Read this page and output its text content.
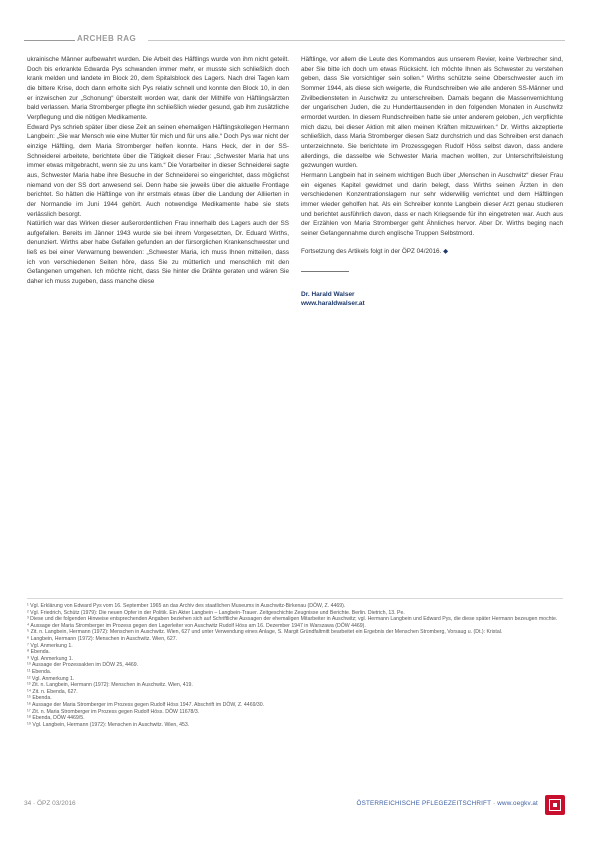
ARCHEB RAG

ukrainische Männer aufbewahrt wurden. Die Arbeit des Häftlings wurde von ihm nicht geteilt. Doch bis erkrankte Edwarda Pys schwanden immer mehr, er musste sich schließlich doch krank melden und landete im Block 20, dem Spitalsblock des Lagers. Nach drei Tagen kam die bittere Krise, doch dann erholte sich Pys relativ schnell und konnte den Block 10, in den er inzwischen zur „Schonung“ überstellt worden war, dank der Mithilfe von Häftlingsärzten bald verlassen. Maria Stromberger pflegte ihn schließlich wieder gesund, gab ihm zusätzliche Verpflegung und die nötigen Medikamente.

Edward Pys schrieb später über diese Zeit an seinen ehemaligen Häftlingskollegen Hermann Langbein: „Sie war Mensch wie eine Mutter für mich und für uns alle.“ Doch Pys war nicht der einzige Häftling, dem Maria Stromberger helfen konnte. Hans Heck, der in der SS-Schneiderei arbeitete, berichtete über die Tätigkeit dieser Frau: „Schwester Maria hat uns immer etwas mitgebracht, wenn sie zu uns kam.“ Die Vorarbeiter in dieser Schneiderei sagte aus, Schwester Maria habe ihre Besuche in der Schneiderei so eingerichtet, dass möglichst niemand von der SS dort anwesend sei. Denn habe sie jeweils über die aktuelle Frontlage berichtet. So hätten die Häftlinge von ihr erstmals etwas über die Landung der Alliierten in der Normandie im Juni 1944 gehört. Auch notwendige Medikamente habe sie stets verlässlich besorgt.

Natürlich war das Wirken dieser außerordentlichen Frau innerhalb des Lagers auch der SS aufgefallen. Bereits im Jänner 1943 wurde sie bei ihrem Vorgesetzten, Dr. Eduard Wirths, denunziert. Wirths aber habe Gefallen gefunden an der fürsorglichen Krankenschwester und ließ es bei einer Verwarnung bewenden: „Schwester Maria, ich muss Ihnen mitteilen, dass ich von verschiedenen Seiten höre, dass Sie zu mütterlich und menschlich mit den Gefangenen umgehen. Ich möchte nicht, dass Sie hinter die Drähte geraten und wären Sie daher ich muss zugeben, dass manche diese

Häftlinge, vor allem die Leute des Kommandos aus unserem Revier, keine Verbrecher sind, aber Sie bitte ich doch um etwas Rücksicht. Ich möchte Ihnen als Schwester zu verstehen geben, dass Sie vorsichtiger sein sollen.“ Wirths schützte seine Oberschwester auch im Sommer 1944, als diese sich weigerte, die Rundschreiben wie alle anderen SS-Männer und Zivilbediensteten in Auschwitz zu unterschreiben. Damals begann die Massenvernichtung der ungarischen Juden, die zu Hunderttausenden in den folgenden Monaten in Auschwitz ermordet wurden. In diesem Rundschreiben hatte sie unter anderem geloben, „ich verpflichte mich dazu, bei dieser Aktion mit allen meinen Kräften mitzuwirken.“ Dr. Wirths akzeptierte schließlich, dass Maria Stromberger diesen Satz durchstrich und das Schreiben erst danach unterzeichnete. Sie berichtete im Prozessgegen Rudolf Höss selbst davon, dass andere allerdings, die dasselbe wie Schwester Maria machen wollten, zur Unterschriftsleistung gezwungen wurden.

Hermann Langbein hat in seinem wichtigen Buch über „Menschen in Auschwitz“ dieser Frau ein eigenes Kapitel gewidmet und darin belegt, dass Wirths seinen Ärzten in den verschiedenen Konzentrationslagern nur sehr widerwillig verrichtet und dem Häftlingen immer wieder geholfen hat. Als ein Schreiber konnte Langbein dieser Arzt genau studieren und berichtet ausführlich davon, dass er nach Kriegsende für ihn eingetreten war. Auch aus der Erzählen von Maria Stromberger geht Ähnliches hervor. Aber Dr. Wirths beging nach seiner Gefangennahme durch englische Truppen Selbstmord.

Fortsetzung des Artikels folgt in der ÖPZ 04/2016. ◆

Dr. Harald Walser
www.haraldwalser.at
¹ Vgl. Erklärung von Edward Pys vom 16. September 1965 an das Archiv des staatlichen Museums in Auschwitz-Birkenau (DÖW, Z. 4469).
² Vgl. Friedrich, Schütz (1979): Die neuen Opfer in der Politik. Ein Akter Langbein – Langbein-Trauer. Zeitgeschichte Zeugnisse und Berichte. Berlin. Dietrich, 13. Pe.
³ Diese und die folgenden Hinweise entsprechenden Angaben beziehen sich auf Schriftliche Aussagen der ehemaligen Mitarbeiter in Auschwitz; vgl. Hermann Langbein und Edward Pys, die diese später Hermann bezeugen mochte.
⁴ Aussage der Maria Stromberger im Prozess gegen den Lagerleiter von Auschwitz Rudolf Höss am 16. Dezember 1947 in Warszawa (DÖW 4469).
⁵ Zit. n. Langbein, Hermann (1972): Menschen in Auschwitz. Wien, 627 und unter Verwendung eines Anlage, S. Margit Gründfaltmitt bearbeitet ein Ergebnis der Menschen Stromberg, Vorsaug u. (Dt.): Kristal.
⁶ Langbein, Hermann (1972): Menschen in Auschwitz. Wien, 627.
⁷ Vgl. Anmerkung 1.
⁸ Ebenda.
⁹ Vgl. Anmerkung 1.
¹⁰ Aussage der Prozessakten im DÖW 25, 4469.
¹¹ Ebenda.
¹² Vgl. Anmerkung 1.
¹³ Zit. n. Langbein, Hermann (1972): Menschen in Auschwitz. Wien, 419.
¹⁴ Zit. n. Ebenda, 627.
¹⁵ Ebenda.
¹⁶ Aussage der Maria Stromberger im Prozess gegen Rudolf Höss 1947. Abschrift im DÖW, Z. 4469/30.
¹⁷ Zit. n. Maria Stromberger im Prozess gegen Rudolf Höss. DÖW 11678/3.
¹⁸ Ebenda, DÖW 4469/5.
¹⁹ Vgl. Langbein, Hermann (1972): Menschen in Auschwitz. Wien, 453.
34 · ÖPZ 03/2016	ÖSTERREICHISCHE PFLEGEZEITSCHRIFT · www.oegkv.at
